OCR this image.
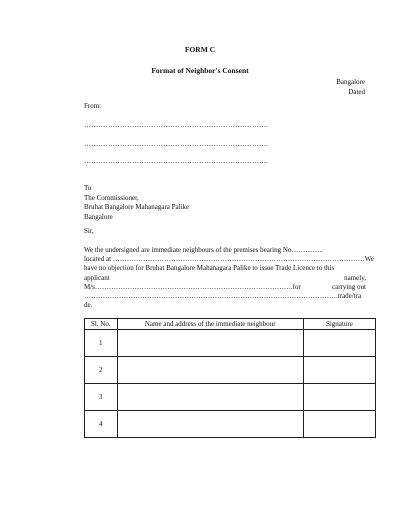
FORM C
Format of Neighbor's Consent
Bangalore
Dated
From:
…………………………………………………………………..
…………………………………………………………………..
…………………………………………………………………..
To
The Commissioner,
Bruhat Bangalore Mahanagara Palike
Bangalore
Sir,
We the undersigned are immediate neighbours of the premises bearing No…………..
located at ……………………………………………………………………………………………… We
have no objection for Bruhat Bangalore Mahanagara Palike to issue Trade Licence to this
applicant	namely,
M/s………………………………………………………………………….for	carrying out
……………………………………………………………………………………………….trade/tra
de.
Sl. No.	Name and address of the immediate neighbour	Signature
1		
2		
3		
4		
